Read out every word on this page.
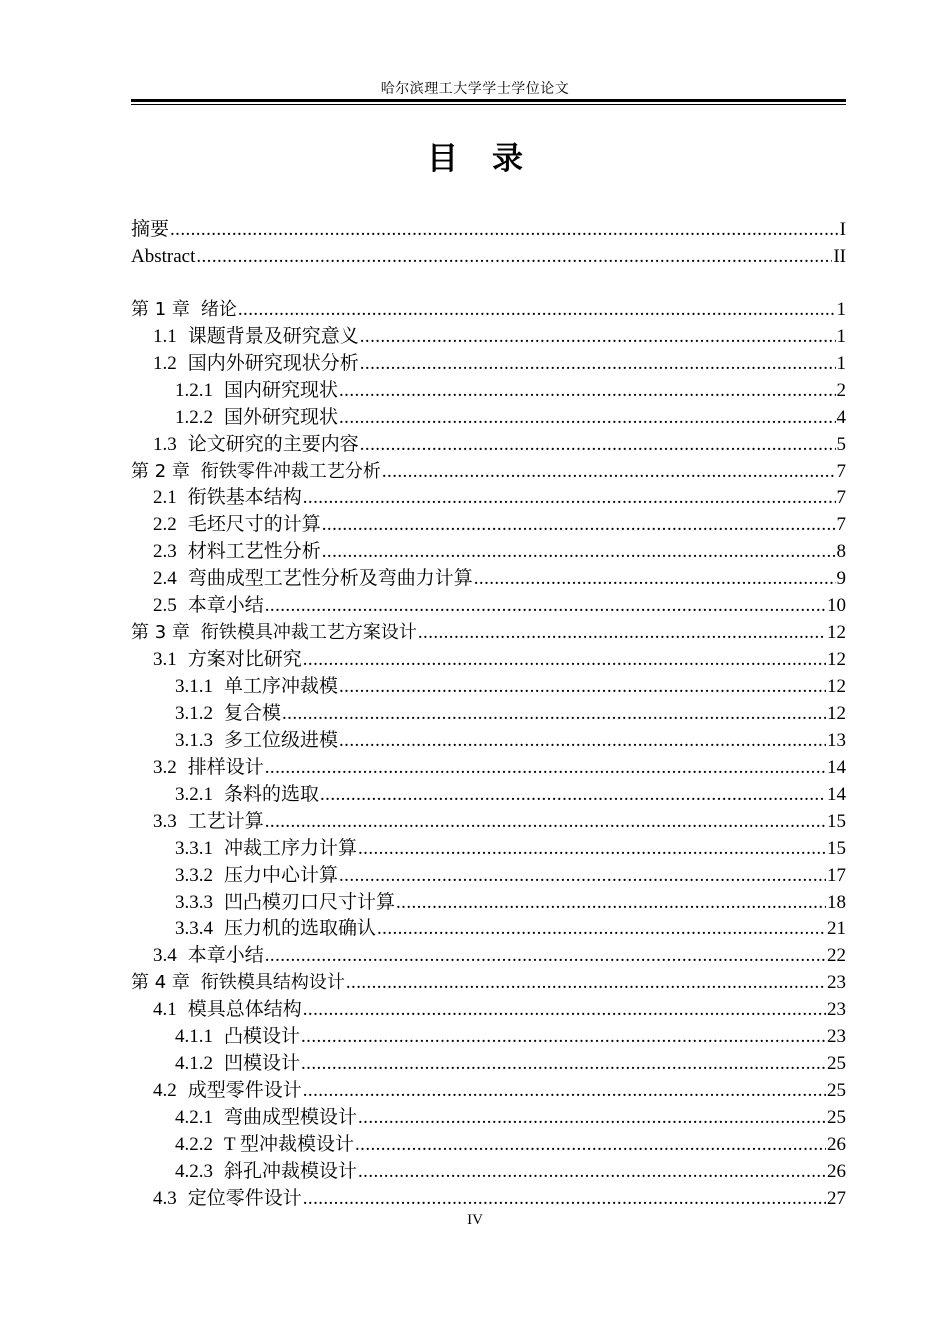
哈尔滨理工大学学士学位论文
目录
摘要 .....	I
Abstract .....	II
第 1 章 绪论 .....	1
1.1 课题背景及研究意义 .....	1
1.2 国内外研究现状分析 .....	1
1.2.1 国内研究现状 .....	2
1.2.2 国外研究现状 .....	4
1.3 论文研究的主要内容 .....	5
第 2 章 衔铁零件冲裁工艺分析 .....	7
2.1 衔铁基本结构 .....	7
2.2 毛坯尺寸的计算 .....	7
2.3 材料工艺性分析 .....	8
2.4 弯曲成型工艺性分析及弯曲力计算 .....	9
2.5 本章小结 .....	10
第 3 章 衔铁模具冲裁工艺方案设计 .....	12
3.1 方案对比研究 .....	12
3.1.1 单工序冲裁模 .....	12
3.1.2 复合模 .....	12
3.1.3 多工位级进模 .....	13
3.2 排样设计 .....	14
3.2.1 条料的选取 .....	14
3.3 工艺计算 .....	15
3.3.1 冲裁工序力计算 .....	15
3.3.2 压力中心计算 .....	17
3.3.3 凹凸模刃口尺寸计算 .....	18
3.3.4 压力机的选取确认 .....	21
3.4 本章小结 .....	22
第 4 章 衔铁模具结构设计 .....	23
4.1 模具总体结构 .....	23
4.1.1 凸模设计 .....	23
4.1.2 凹模设计 .....	25
4.2 成型零件设计 .....	25
4.2.1 弯曲成型模设计 .....	25
4.2.2 T 型冲裁模设计 .....	26
4.2.3 斜孔冲裁模设计 .....	26
4.3 定位零件设计 .....	27
IV
